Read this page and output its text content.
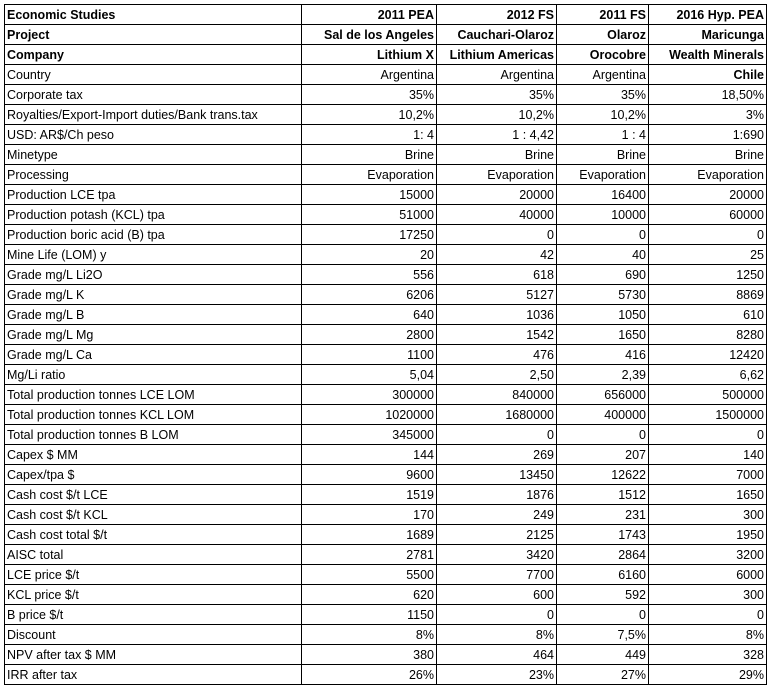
Economic Studies	2011 PEA	2012 FS	2011 FS	2016 Hyp. PEA
Project	Sal de los Angeles	Cauchari-Olaroz	Olaroz	Maricunga
Company	Lithium X	Lithium Americas	Orocobre	Wealth Minerals
Country	Argentina	Argentina	Argentina	Chile
Corporate tax	35%	35%	35%	18,50%
Royalties/Export-Import duties/Bank trans.tax	10,2%	10,2%	10,2%	3%
USD: AR$/Ch peso	1: 4	1 : 4,42	1 : 4	1:690
Minetype	Brine	Brine	Brine	Brine
Processing	Evaporation	Evaporation	Evaporation	Evaporation
Production LCE tpa	15000	20000	16400	20000
Production potash (KCL) tpa	51000	40000	10000	60000
Production boric acid (B) tpa	17250	0	0	0
Mine Life (LOM) y	20	42	40	25
Grade mg/L Li2O	556	618	690	1250
Grade mg/L K	6206	5127	5730	8869
Grade mg/L B	640	1036	1050	610
Grade mg/L Mg	2800	1542	1650	8280
Grade mg/L Ca	1100	476	416	12420
Mg/Li ratio	5,04	2,50	2,39	6,62
Total production tonnes LCE LOM	300000	840000	656000	500000
Total production tonnes KCL LOM	1020000	1680000	400000	1500000
Total production tonnes B LOM	345000	0	0	0
Capex $ MM	144	269	207	140
Capex/tpa $	9600	13450	12622	7000
Cash cost $/t LCE	1519	1876	1512	1650
Cash cost $/t KCL	170	249	231	300
Cash cost total $/t	1689	2125	1743	1950
AISC total	2781	3420	2864	3200
LCE price $/t	5500	7700	6160	6000
KCL price $/t	620	600	592	300
B price $/t	1150	0	0	0
Discount	8%	8%	7,5%	8%
NPV after tax $ MM	380	464	449	328
IRR after tax	26%	23%	27%	29%
